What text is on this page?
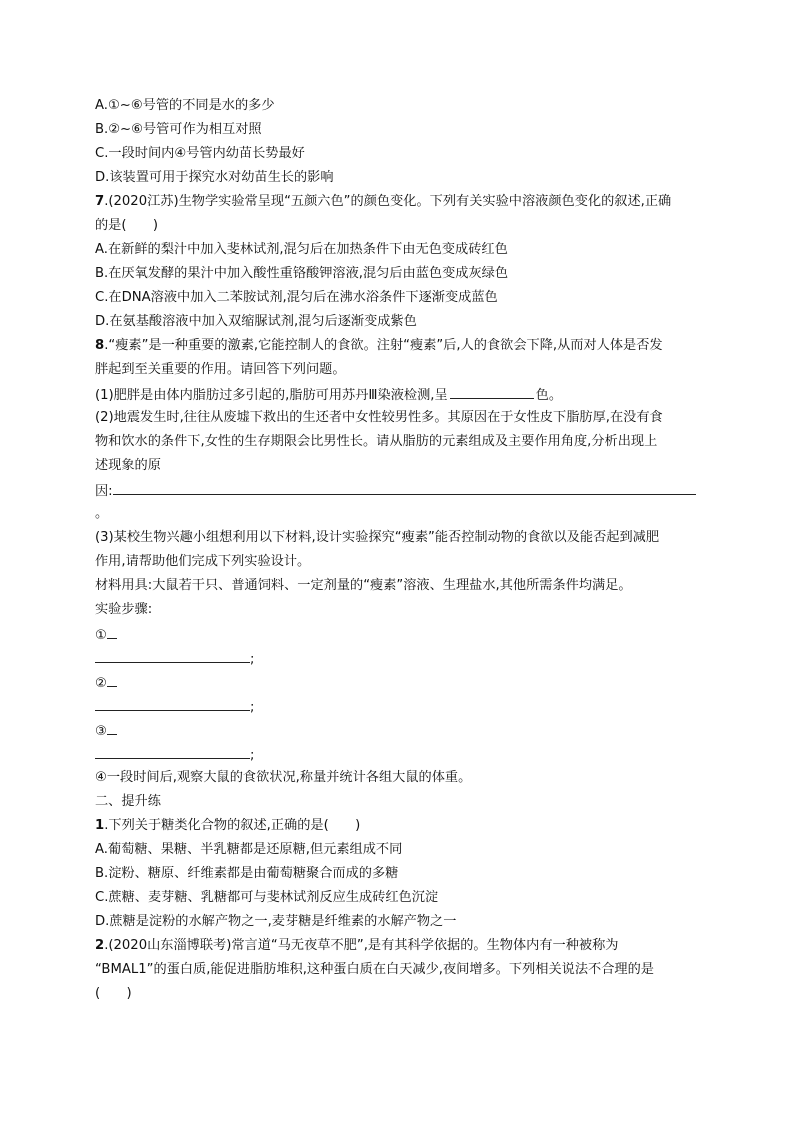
A.①~⑥号管的不同是水的多少
B.②~⑥号管可作为相互对照
C.一段时间内④号管内幼苗长势最好
D.该装置可用于探究水对幼苗生长的影响
7.(2020江苏)生物学实验常呈现“五颜六色”的颜色变化。下列有关实验中溶液颜色变化的叙述,正确
的是(　　)
A.在新鲜的梨汁中加入斐林试剂,混匀后在加热条件下由无色变成砖红色
B.在厌氧发酵的果汁中加入酸性重铬酸钾溶液,混匀后由蓝色变成灰绿色
C.在DNA溶液中加入二苯胺试剂,混匀后在沸水浴条件下逐渐变成蓝色
D.在氨基酸溶液中加入双缩脲试剂,混匀后逐渐变成紫色
8.“瘦素”是一种重要的激素,它能控制人的食欲。注射“瘦素”后,人的食欲会下降,从而对人体是否发
胖起到至关重要的作用。请回答下列问题。
(1)肥胖是由体内脂肪过多引起的,脂肪可用苏丹Ⅲ染液检测,呈	色。
(2)地震发生时,往往从废墟下救出的生还者中女性较男性多。其原因在于女性皮下脂肪厚,在没有食
物和饮水的条件下,女性的生存期限会比男性长。请从脂肪的元素组成及主要作用角度,分析出现上
述现象的原
因:
。
(3)某校生物兴趣小组想利用以下材料,设计实验探究“瘦素”能否控制动物的食欲以及能否起到减肥
作用,请帮助他们完成下列实验设计。
材料用具:大鼠若干只、普通饲料、一定剂量的“瘦素”溶液、生理盐水,其他所需条件均满足。
实验步骤:
①
;
②
;
③
;
④一段时间后,观察大鼠的食欲状况,称量并统计各组大鼠的体重。
二、提升练
1.下列关于糖类化合物的叙述,正确的是(　　)
A.葡萄糖、果糖、半乳糖都是还原糖,但元素组成不同
B.淀粉、糖原、纤维素都是由葡萄糖聚合而成的多糖
C.蔗糖、麦芽糖、乳糖都可与斐林试剂反应生成砖红色沉淀
D.蔗糖是淀粉的水解产物之一,麦芽糖是纤维素的水解产物之一
2.(2020山东淄博联考)常言道“马无夜草不肥”,是有其科学依据的。生物体内有一种被称为
“BMAL1”的蛋白质,能促进脂肪堆积,这种蛋白质在白天减少,夜间增多。下列相关说法不合理的是
(　　)
